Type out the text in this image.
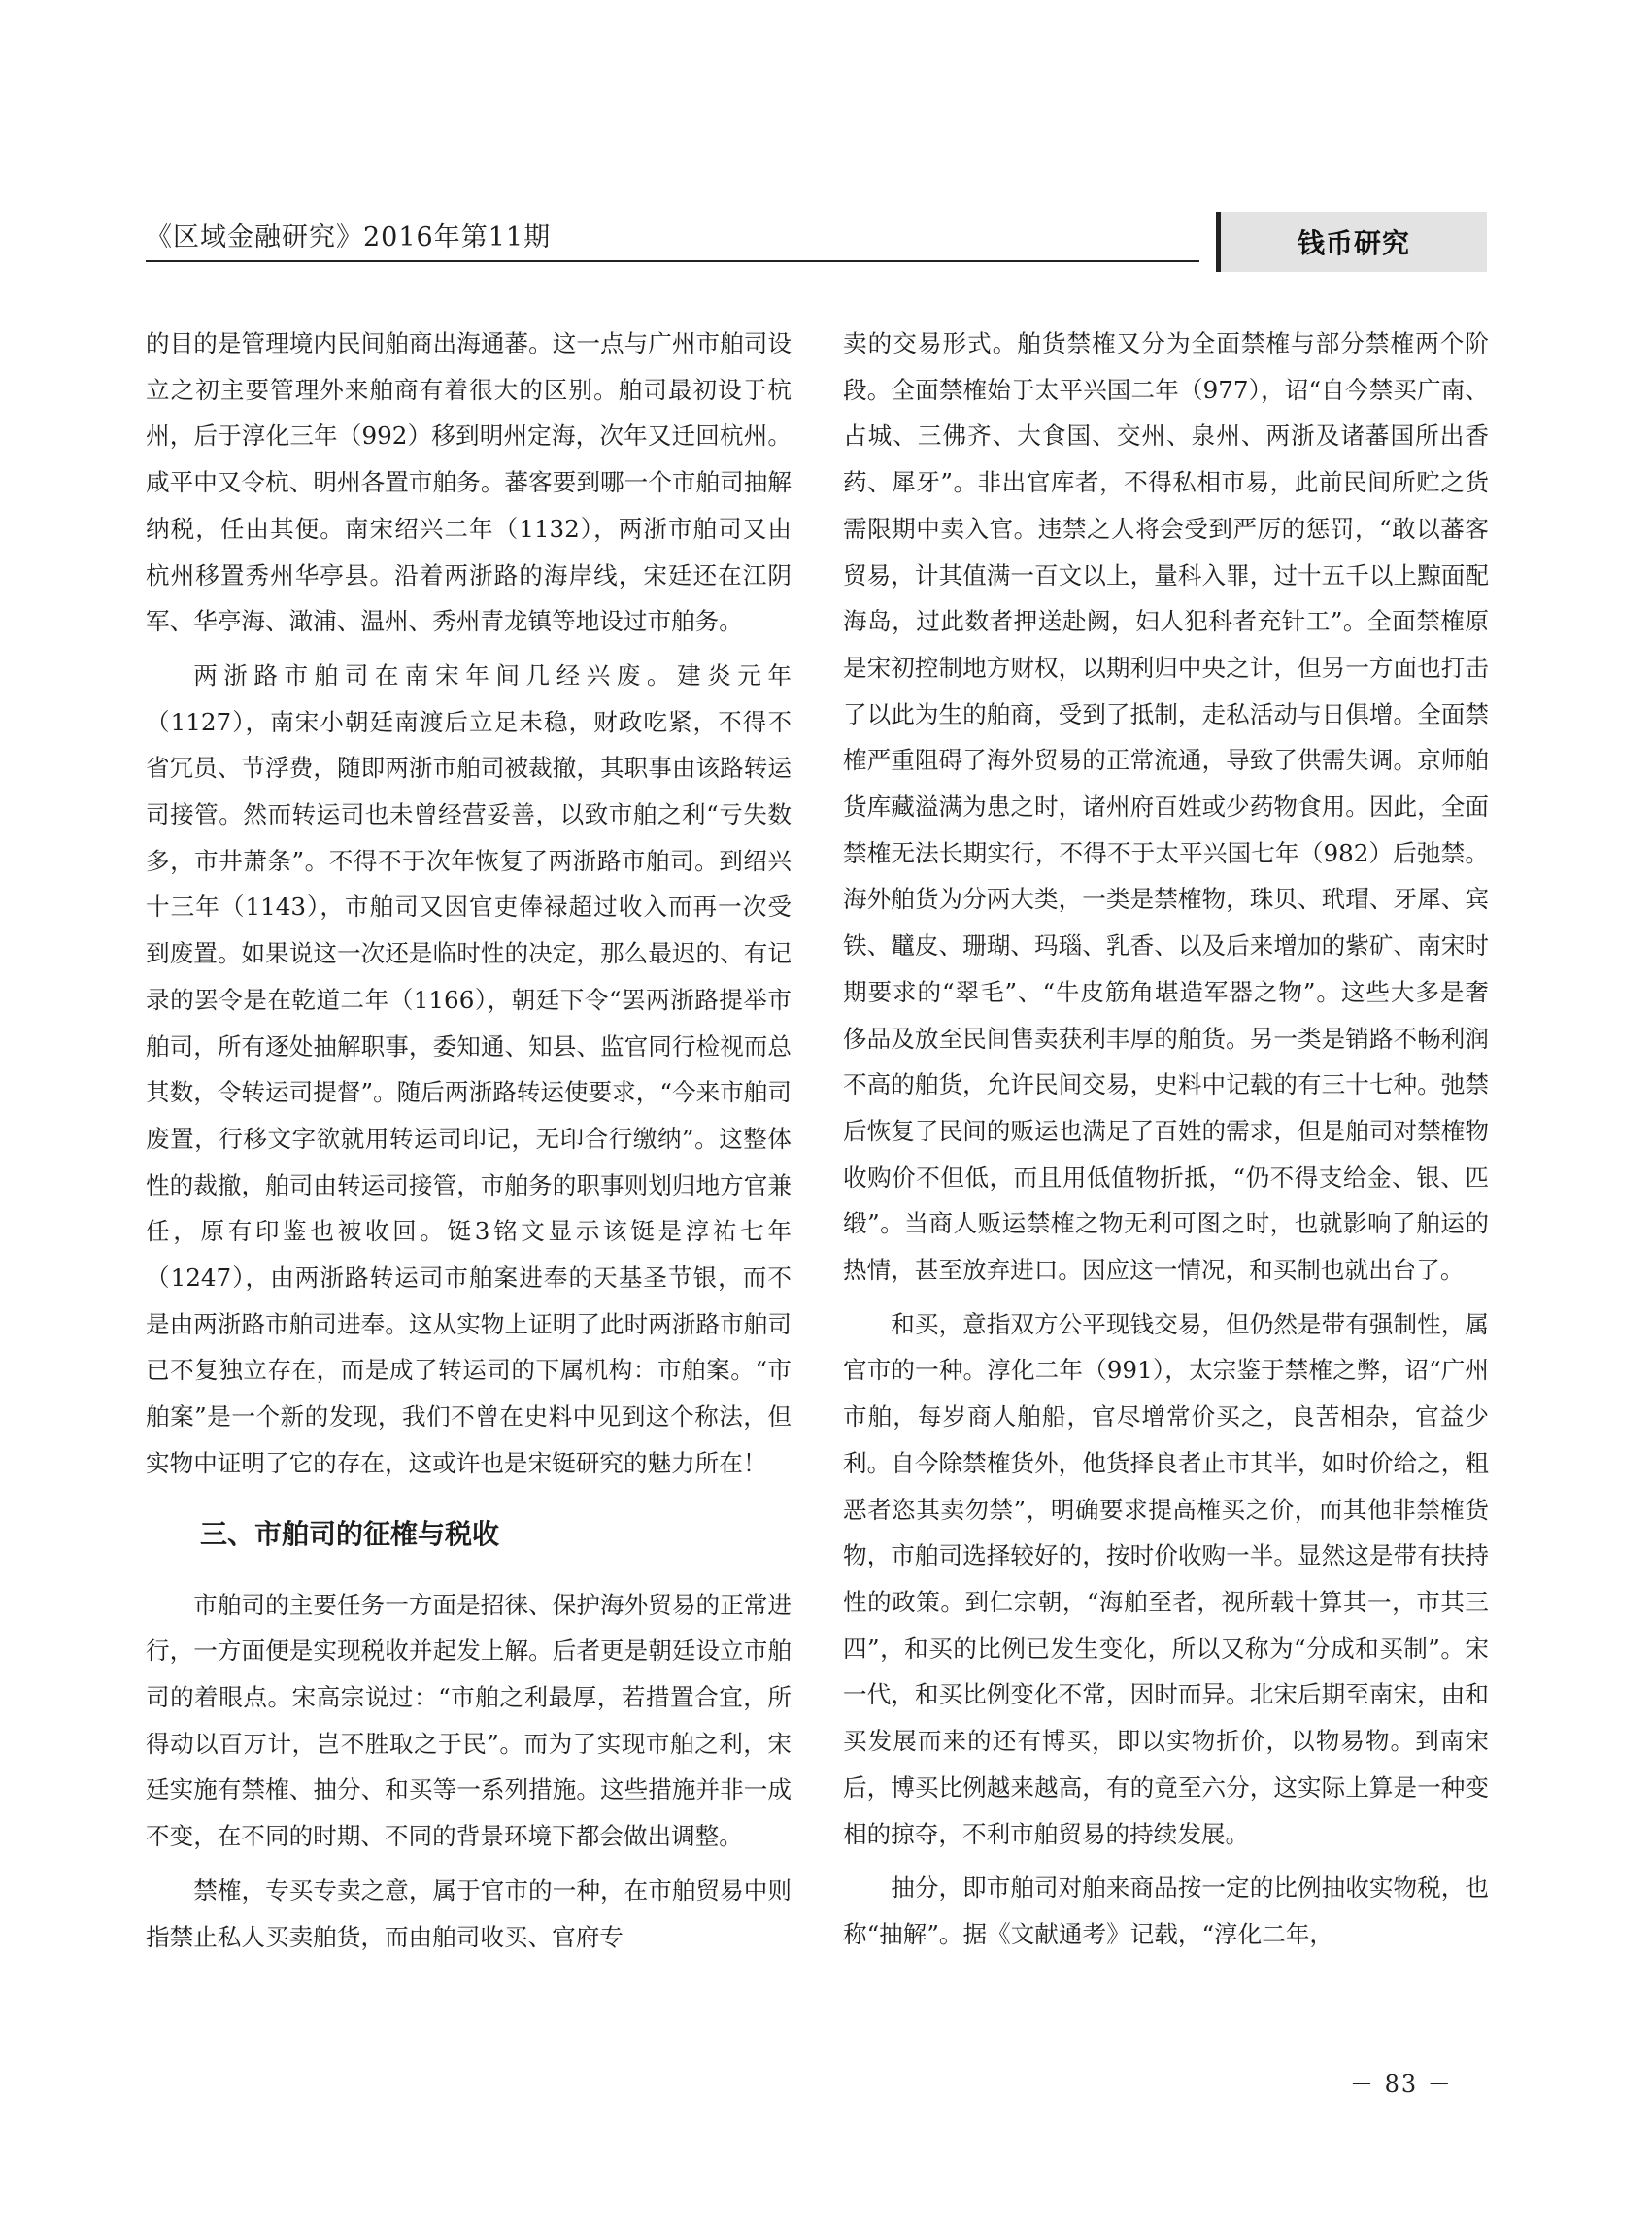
《区域金融研究》2016年第11期	钱币研究

的目的是管理境内民间舶商出海通蕃。这一点与广州市舶司设立之初主要管理外来舶商有着很大的区别。舶司最初设于杭州，后于淳化三年（992）移到明州定海，次年又迁回杭州。咸平中又令杭、明州各置市舶务。蕃客要到哪一个市舶司抽解纳税，任由其便。南宋绍兴二年（1132），两浙市舶司又由杭州移置秀州华亭县。沿着两浙路的海岸线，宋廷还在江阴军、华亭海、澉浦、温州、秀州青龙镇等地设过市舶务。

两浙路市舶司在南宋年间几经兴废。建炎元年（1127），南宋小朝廷南渡后立足未稳，财政吃紧，不得不省冗员、节浮费，随即两浙市舶司被裁撤，其职事由该路转运司接管。然而转运司也未曾经营妥善，以致市舶之利“亏失数多，市井萧条”。不得不于次年恢复了两浙路市舶司。到绍兴十三年（1143），市舶司又因官吏俸禄超过收入而再一次受到废置。如果说这一次还是临时性的决定，那么最迟的、有记录的罢令是在乾道二年（1166），朝廷下令“罢两浙路提举市舶司，所有逐处抽解职事，委知通、知县、监官同行检视而总其数，令转运司提督”。随后两浙路转运使要求，“今来市舶司废置，行移文字欲就用转运司印记，无印合行缴纳”。这整体性的裁撤，舶司由转运司接管，市舶务的职事则划归地方官兼任，原有印鉴也被收回。铤3铭文显示该铤是淳祐七年（1247），由两浙路转运司市舶案进奉的天基圣节银，而不是由两浙路市舶司进奉。这从实物上证明了此时两浙路市舶司已不复独立存在，而是成了转运司的下属机构：市舶案。“市舶案”是一个新的发现，我们不曾在史料中见到这个称法，但实物中证明了它的存在，这或许也是宋铤研究的魅力所在！

三、市舶司的征榷与税收

市舶司的主要任务一方面是招徕、保护海外贸易的正常进行，一方面便是实现税收并起发上解。后者更是朝廷设立市舶司的着眼点。宋高宗说过：“市舶之利最厚，若措置合宜，所得动以百万计，岂不胜取之于民”。而为了实现市舶之利，宋廷实施有禁榷、抽分、和买等一系列措施。这些措施并非一成不变，在不同的时期、不同的背景环境下都会做出调整。

禁榷，专买专卖之意，属于官市的一种，在市舶贸易中则指禁止私人买卖舶货，而由舶司收买、官府专

卖的交易形式。舶货禁榷又分为全面禁榷与部分禁榷两个阶段。全面禁榷始于太平兴国二年（977），诏“自今禁买广南、占城、三佛齐、大食国、交州、泉州、两浙及诸蕃国所出香药、犀牙”。非出官库者，不得私相市易，此前民间所贮之货需限期中卖入官。违禁之人将会受到严厉的惩罚，“敢以蕃客贸易，计其值满一百文以上，量科入罪，过十五千以上黥面配海岛，过此数者押送赴阙，妇人犯科者充针工”。全面禁榷原是宋初控制地方财权，以期利归中央之计，但另一方面也打击了以此为生的舶商，受到了抵制，走私活动与日俱增。全面禁榷严重阻碍了海外贸易的正常流通，导致了供需失调。京师舶货库藏溢满为患之时，诸州府百姓或少药物食用。因此，全面禁榷无法长期实行，不得不于太平兴国七年（982）后弛禁。海外舶货为分两大类，一类是禁榷物，珠贝、玳瑁、牙犀、宾铁、鼊皮、珊瑚、玛瑙、乳香、以及后来增加的紫矿、南宋时期要求的“翠毛”、“牛皮筋角堪造军器之物”。这些大多是奢侈品及放至民间售卖获利丰厚的舶货。另一类是销路不畅利润不高的舶货，允许民间交易，史料中记载的有三十七种。弛禁后恢复了民间的贩运也满足了百姓的需求，但是舶司对禁榷物收购价不但低，而且用低值物折抵，“仍不得支给金、银、匹缎”。当商人贩运禁榷之物无利可图之时，也就影响了舶运的热情，甚至放弃进口。因应这一情况，和买制也就出台了。

和买，意指双方公平现钱交易，但仍然是带有强制性，属官市的一种。淳化二年（991），太宗鉴于禁榷之弊，诏“广州市舶，每岁商人舶船，官尽增常价买之，良苦相杂，官益少利。自今除禁榷货外，他货择良者止市其半，如时价给之，粗恶者恣其卖勿禁”，明确要求提高榷买之价，而其他非禁榷货物，市舶司选择较好的，按时价收购一半。显然这是带有扶持性的政策。到仁宗朝，“海舶至者，视所载十算其一，市其三四”，和买的比例已发生变化，所以又称为“分成和买制”。宋一代，和买比例变化不常，因时而异。北宋后期至南宋，由和买发展而来的还有博买，即以实物折价，以物易物。到南宋后，博买比例越来越高，有的竟至六分，这实际上算是一种变相的掠夺，不利市舶贸易的持续发展。

抽分，即市舶司对舶来商品按一定的比例抽收实物税，也称“抽解”。据《文献通考》记载，“淳化二年，

－ 83 －
